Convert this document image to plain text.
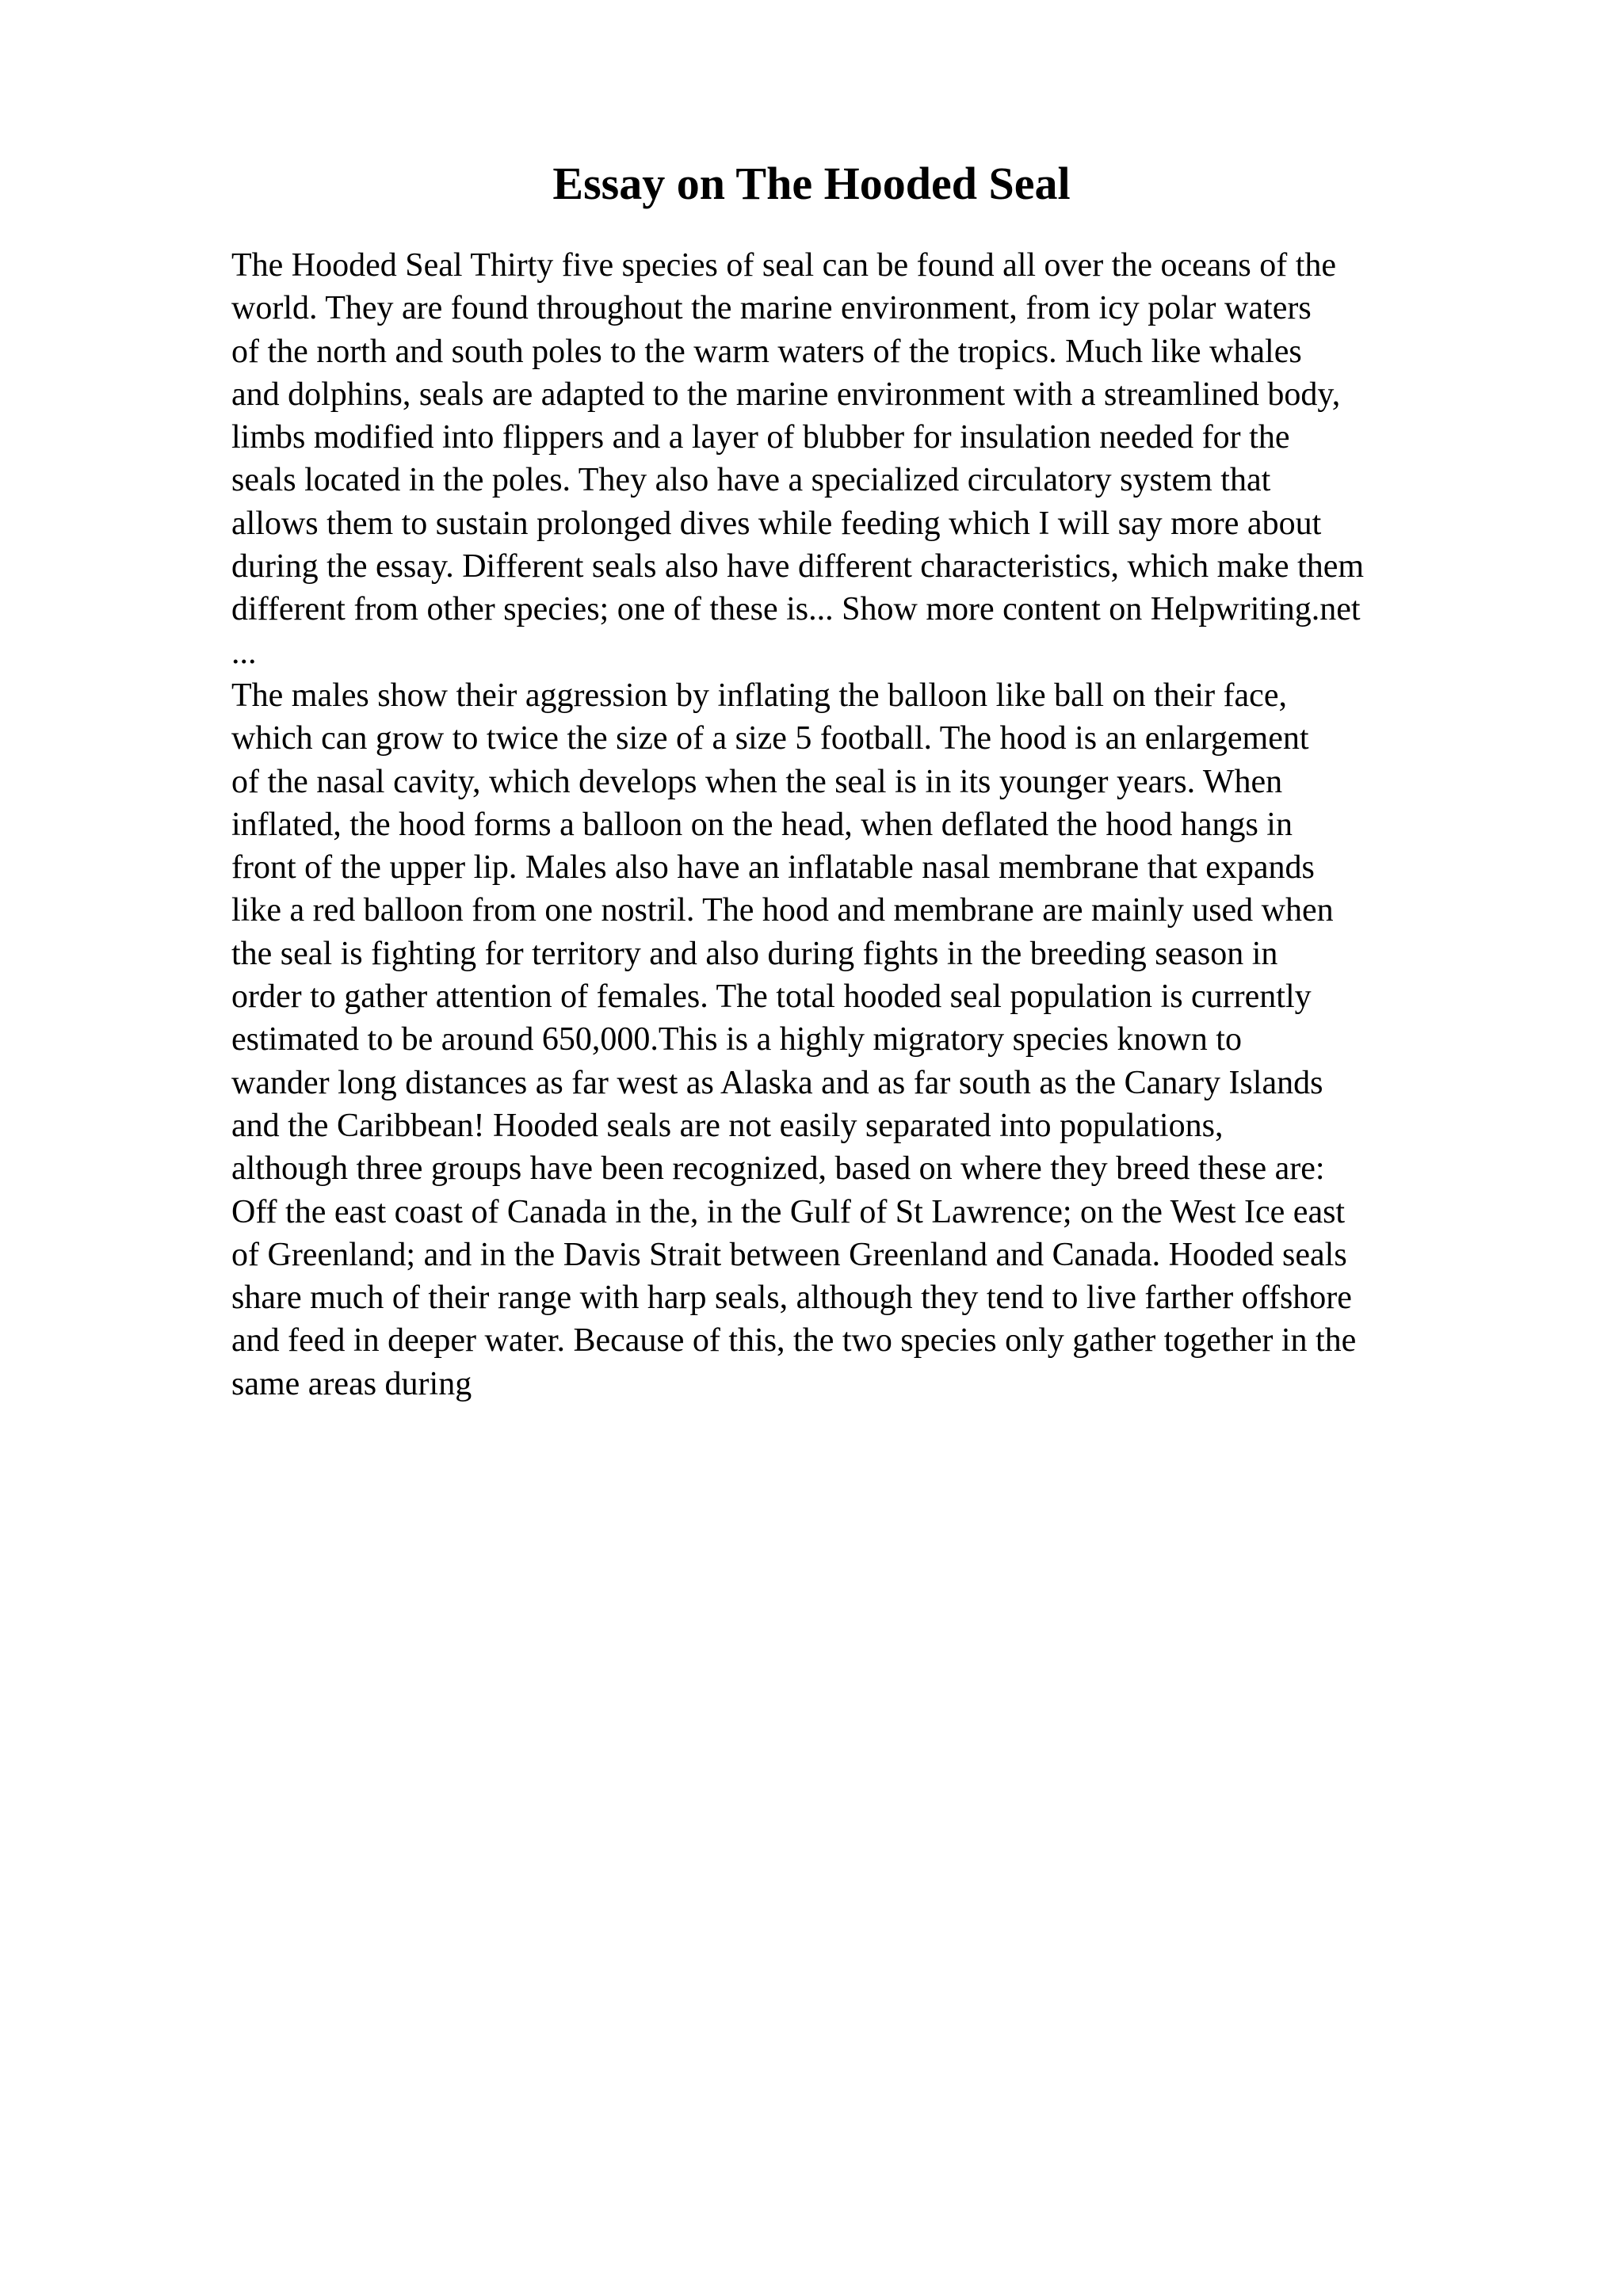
Essay on The Hooded Seal
The Hooded Seal Thirty five species of seal can be found all over the oceans of the
world. They are found throughout the marine environment, from icy polar waters
of the north and south poles to the warm waters of the tropics. Much like whales
and dolphins, seals are adapted to the marine environment with a streamlined body,
limbs modified into flippers and a layer of blubber for insulation needed for the
seals located in the poles. They also have a specialized circulatory system that
allows them to sustain prolonged dives while feeding which I will say more about
during the essay. Different seals also have different characteristics, which make them
different from other species; one of these is... Show more content on Helpwriting.net
...
The males show their aggression by inflating the balloon like ball on their face,
which can grow to twice the size of a size 5 football. The hood is an enlargement
of the nasal cavity, which develops when the seal is in its younger years. When
inflated, the hood forms a balloon on the head, when deflated the hood hangs in
front of the upper lip. Males also have an inflatable nasal membrane that expands
like a red balloon from one nostril. The hood and membrane are mainly used when
the seal is fighting for territory and also during fights in the breeding season in
order to gather attention of females. The total hooded seal population is currently
estimated to be around 650,000.This is a highly migratory species known to
wander long distances as far west as Alaska and as far south as the Canary Islands
and the Caribbean! Hooded seals are not easily separated into populations,
although three groups have been recognized, based on where they breed these are:
Off the east coast of Canada in the, in the Gulf of St Lawrence; on the West Ice east
of Greenland; and in the Davis Strait between Greenland and Canada. Hooded seals
share much of their range with harp seals, although they tend to live farther offshore
and feed in deeper water. Because of this, the two species only gather together in the
same areas during
